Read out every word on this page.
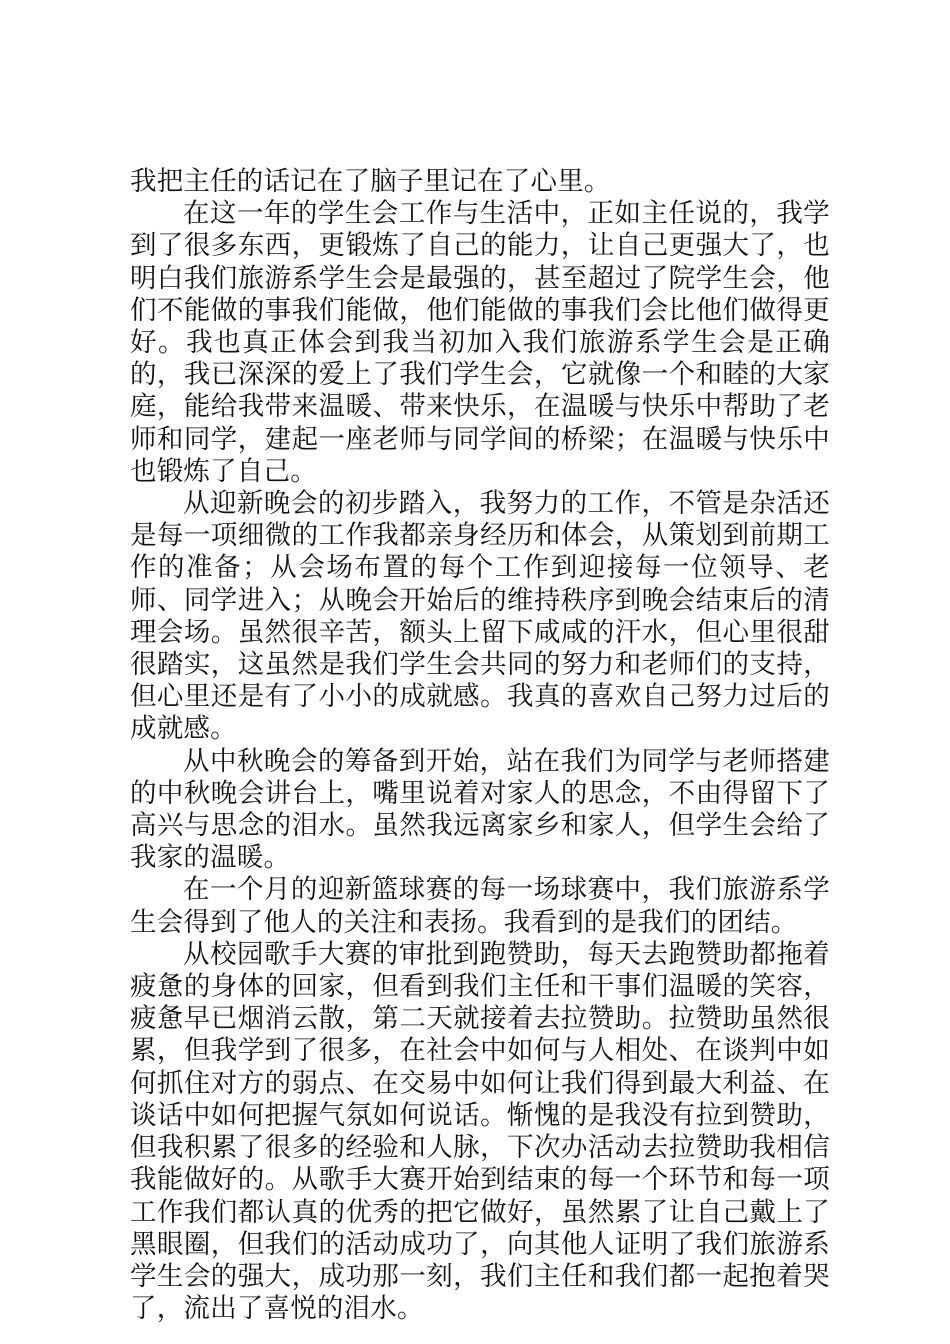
我把主任的话记在了脑子里记在了心里。

在这一年的学生会工作与生活中，正如主任说的，我学到了很多东西，更锻炼了自己的能力，让自己更强大了，也明白我们旅游系学生会是最强的，甚至超过了院学生会，他们不能做的事我们能做，他们能做的事我们会比他们做得更好。我也真正体会到我当初加入我们旅游系学生会是正确的，我已深深的爱上了我们学生会，它就像一个和睦的大家庭，能给我带来温暖、带来快乐，在温暖与快乐中帮助了老师和同学，建起一座老师与同学间的桥梁；在温暖与快乐中也锻炼了自己。

从迎新晚会的初步踏入，我努力的工作，不管是杂活还是每一项细微的工作我都亲身经历和体会，从策划到前期工作的准备；从会场布置的每个工作到迎接每一位领导、老师、同学进入；从晚会开始后的维持秩序到晚会结束后的清理会场。虽然很辛苦，额头上留下咸咸的汗水，但心里很甜很踏实，这虽然是我们学生会共同的努力和老师们的支持，但心里还是有了小小的成就感。我真的喜欢自己努力过后的成就感。

从中秋晚会的筹备到开始，站在我们为同学与老师搭建的中秋晚会讲台上，嘴里说着对家人的思念，不由得留下了高兴与思念的泪水。虽然我远离家乡和家人，但学生会给了我家的温暖。

在一个月的迎新篮球赛的每一场球赛中，我们旅游系学生会得到了他人的关注和表扬。我看到的是我们的团结。

从校园歌手大赛的审批到跑赞助，每天去跑赞助都拖着疲惫的身体的回家，但看到我们主任和干事们温暖的笑容，疲惫早已烟消云散，第二天就接着去拉赞助。拉赞助虽然很累，但我学到了很多，在社会中如何与人相处、在谈判中如何抓住对方的弱点、在交易中如何让我们得到最大利益、在谈话中如何把握气氛如何说话。惭愧的是我没有拉到赞助，但我积累了很多的经验和人脉，下次办活动去拉赞助我相信我能做好的。从歌手大赛开始到结束的每一个环节和每一项工作我们都认真的优秀的把它做好，虽然累了让自己戴上了黑眼圈，但我们的活动成功了，向其他人证明了我们旅游系学生会的强大，成功那一刻，我们主任和我们都一起抱着哭了，流出了喜悦的泪水。
